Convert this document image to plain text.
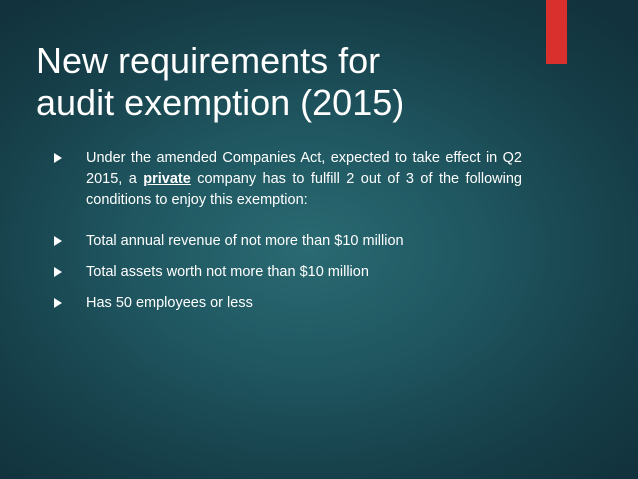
New requirements for
audit exemption (2015)
Under the amended Companies Act, expected to take effect in Q2 2015, a private company has to fulfill 2 out of 3 of the following conditions to enjoy this exemption:
Total annual revenue of not more than $10 million
Total assets worth not more than $10 million
Has 50 employees or less
